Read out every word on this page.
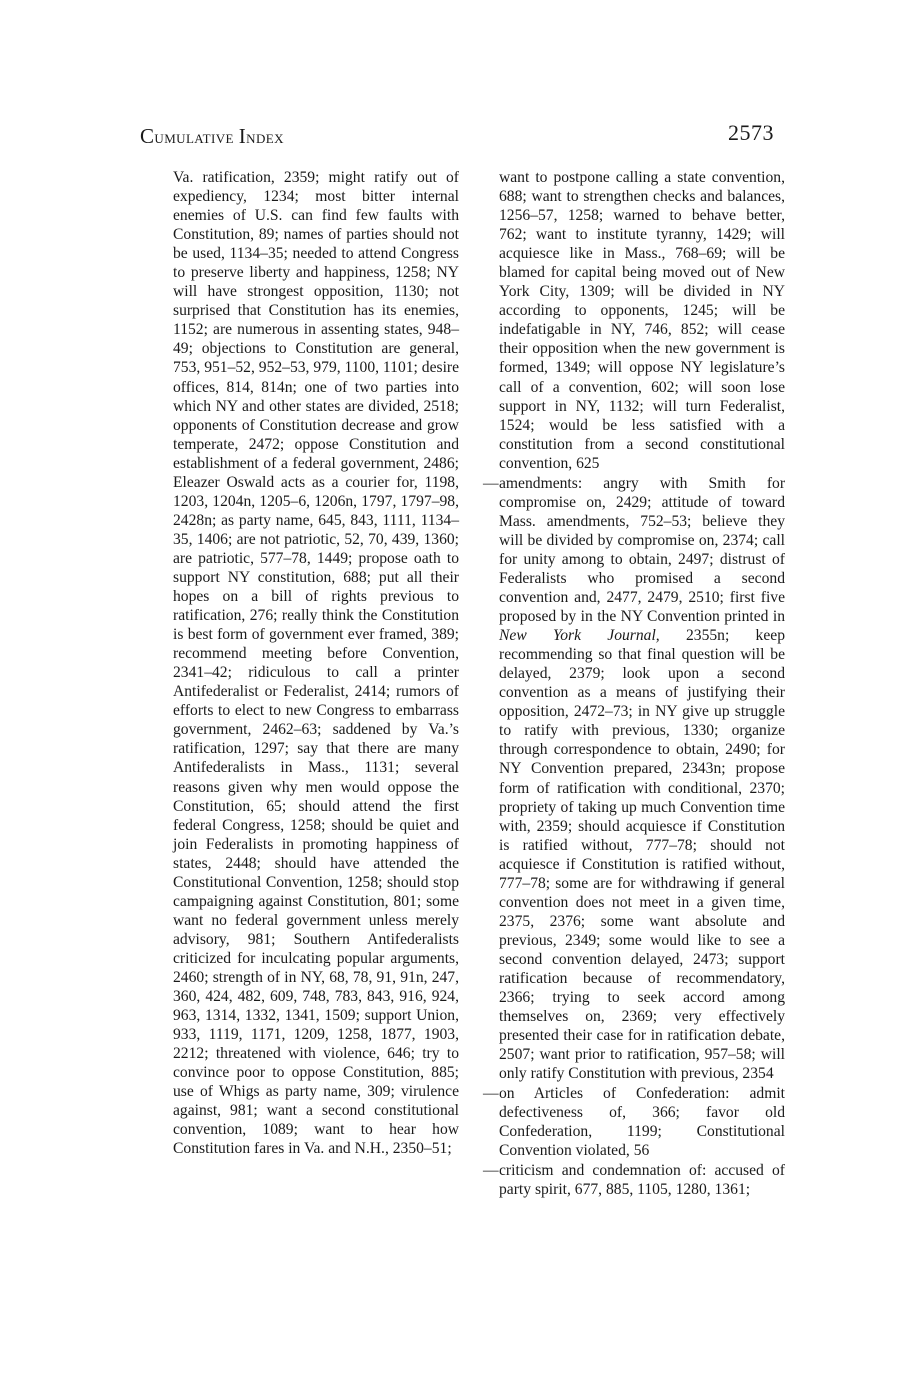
Cumulative Index	2573

Va. ratification, 2359; might ratify out of expediency, 1234; most bitter internal enemies of U.S. can find few faults with Constitution, 89; names of parties should not be used, 1134–35; needed to attend Congress to preserve liberty and happiness, 1258; NY will have strongest opposition, 1130; not surprised that Constitution has its enemies, 1152; are numerous in assenting states, 948–49; objections to Constitution are general, 753, 951–52, 952–53, 979, 1100, 1101; desire offices, 814, 814n; one of two parties into which NY and other states are divided, 2518; opponents of Constitution decrease and grow temperate, 2472; oppose Constitution and establishment of a federal government, 2486; Eleazer Oswald acts as a courier for, 1198, 1203, 1204n, 1205–6, 1206n, 1797, 1797–98, 2428n; as party name, 645, 843, 1111, 1134–35, 1406; are not patriotic, 52, 70, 439, 1360; are patriotic, 577–78, 1449; propose oath to support NY constitution, 688; put all their hopes on a bill of rights previous to ratification, 276; really think the Constitution is best form of government ever framed, 389; recommend meeting before Convention, 2341–42; ridiculous to call a printer Antifederalist or Federalist, 2414; rumors of efforts to elect to new Congress to embarrass government, 2462–63; saddened by Va.’s ratification, 1297; say that there are many Antifederalists in Mass., 1131; several reasons given why men would oppose the Constitution, 65; should attend the first federal Congress, 1258; should be quiet and join Federalists in promoting happiness of states, 2448; should have attended the Constitutional Convention, 1258; should stop campaigning against Constitution, 801; some want no federal government unless merely advisory, 981; Southern Antifederalists criticized for inculcating popular arguments, 2460; strength of in NY, 68, 78, 91, 91n, 247, 360, 424, 482, 609, 748, 783, 843, 916, 924, 963, 1314, 1332, 1341, 1509; support Union, 933, 1119, 1171, 1209, 1258, 1877, 1903, 2212; threatened with violence, 646; try to convince poor to oppose Constitution, 885; use of Whigs as party name, 309; virulence against, 981; want a second constitutional convention, 1089; want to hear how Constitution fares in Va. and N.H., 2350–51;

want to postpone calling a state convention, 688; want to strengthen checks and balances, 1256–57, 1258; warned to behave better, 762; want to institute tyranny, 1429; will acquiesce like in Mass., 768–69; will be blamed for capital being moved out of New York City, 1309; will be divided in NY according to opponents, 1245; will be indefatigable in NY, 746, 852; will cease their opposition when the new government is formed, 1349; will oppose NY legislature’s call of a convention, 602; will soon lose support in NY, 1132; will turn Federalist, 1524; would be less satisfied with a constitution from a second constitutional convention, 625

—amendments: angry with Smith for compromise on, 2429; attitude of toward Mass. amendments, 752–53; believe they will be divided by compromise on, 2374; call for unity among to obtain, 2497; distrust of Federalists who promised a second convention and, 2477, 2479, 2510; first five proposed by in the NY Convention printed in New York Journal, 2355n; keep recommending so that final question will be delayed, 2379; look upon a second convention as a means of justifying their opposition, 2472–73; in NY give up struggle to ratify with previous, 1330; organize through correspondence to obtain, 2490; for NY Convention prepared, 2343n; propose form of ratification with conditional, 2370; propriety of taking up much Convention time with, 2359; should acquiesce if Constitution is ratified without, 777–78; should not acquiesce if Constitution is ratified without, 777–78; some are for withdrawing if general convention does not meet in a given time, 2375, 2376; some want absolute and previous, 2349; some would like to see a second convention delayed, 2473; support ratification because of recommendatory, 2366; trying to seek accord among themselves on, 2369; very effectively presented their case for in ratification debate, 2507; want prior to ratification, 957–58; will only ratify Constitution with previous, 2354

—on Articles of Confederation: admit defectiveness of, 366; favor old Confederation, 1199; Constitutional Convention violated, 56

—criticism and condemnation of: accused of party spirit, 677, 885, 1105, 1280, 1361;
